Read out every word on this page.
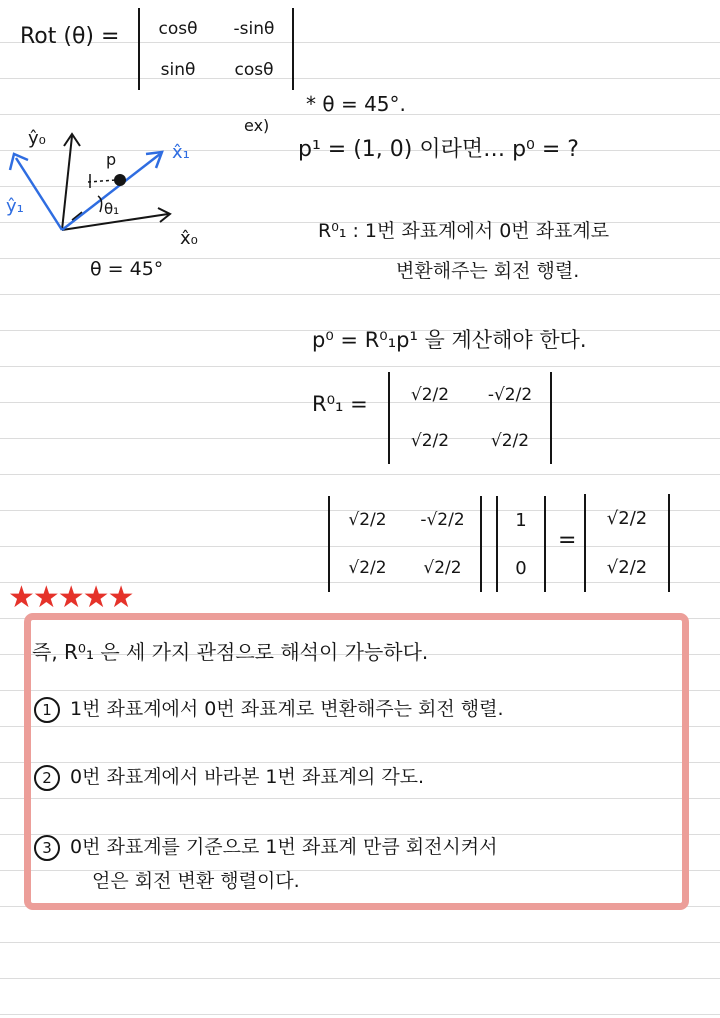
Rot (θ) = cosθ -sinθ
sinθ cosθ
ŷ₀
ŷ₁
x̂₁
x̂₀
p
θ₁
θ = 45°
ex)
* θ = 45°.
p¹ = (1, 0) 이라면… p⁰ = ?
R⁰₁ : 1번 좌표계에서 0번 좌표계로
변환해주는 회전 행렬.
p⁰ = R⁰₁p¹ 을 계산해야 한다.
R⁰₁ =	√2/2 -√2/2
√2/2 √2/2
√2/2 -√2/2
√2/2 √2/2
1
0
=
√2/2
√2/2
★★★★★
즉, R⁰₁ 은 세 가지 관점으로 해석이 가능하다.
1 1번 좌표계에서 0번 좌표계로 변환해주는 회전 행렬.
2 0번 좌표계에서 바라본 1번 좌표계의 각도.
3 0번 좌표계를 기준으로 1번 좌표계 만큼 회전시켜서
얻은 회전 변환 행렬이다.
